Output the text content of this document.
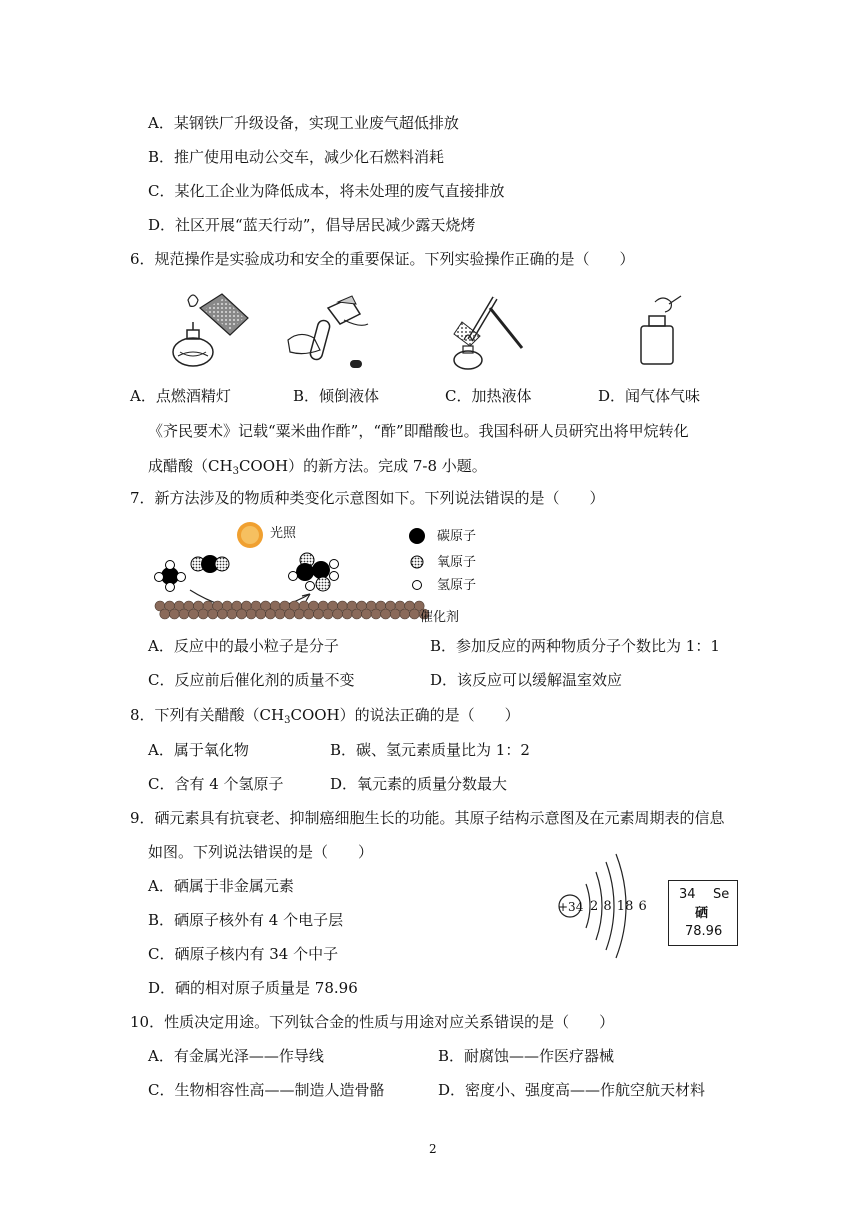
A．某钢铁厂升级设备，实现工业废气超低排放
B．推广使用电动公交车，减少化石燃料消耗
C．某化工企业为降低成本，将未处理的废气直接排放
D．社区开展“蓝天行动”，倡导居民减少露天烧烤
6．规范操作是实验成功和安全的重要保证。下列实验操作正确的是（　　）
A．点燃酒精灯	B．倾倒液体	C．加热液体	D．闻气体气味
《齐民要术》记载“粟米曲作酢”，“酢”即醋酸也。我国科研人员研究出将甲烷转化
成醋酸$(CH_3COOH)$的新方法。完成 7-8 小题。
7．新方法涉及的物质种类变化示意图如下。下列说法错误的是（　　）
光照	碳原子
氧原子
氢原子
催化剂
A．反应中的最小粒子是分子	B．参加反应的两种物质分子个数比为 1：1
C．反应前后催化剂的质量不变	D．该反应可以缓解温室效应
8．下列有关醋酸$(CH_3COOH)$的说法正确的是（　　）
A．属于氧化物	B．碳、氢元素质量比为 1：2
C．含有 4 个氢原子	D．氧元素的质量分数最大
9．硒元素具有抗衰老、抑制癌细胞生长的功能。其原子结构示意图及在元素周期表的信息
如图。下列说法错误的是（　　）
A．硒属于非金属元素
B．硒原子核外有 4 个电子层
C．硒原子核内有 34 个中子
D．硒的相对原子质量是 78.96
+34 2 8 18 6
34 Se
硒
78.96
10．性质决定用途。下列钛合金的性质与用途对应关系错误的是（　　）
A．有金属光泽——作导线	B．耐腐蚀——作医疗器械
C．生物相容性高——制造人造骨骼	D．密度小、强度高——作航空航天材料
2
